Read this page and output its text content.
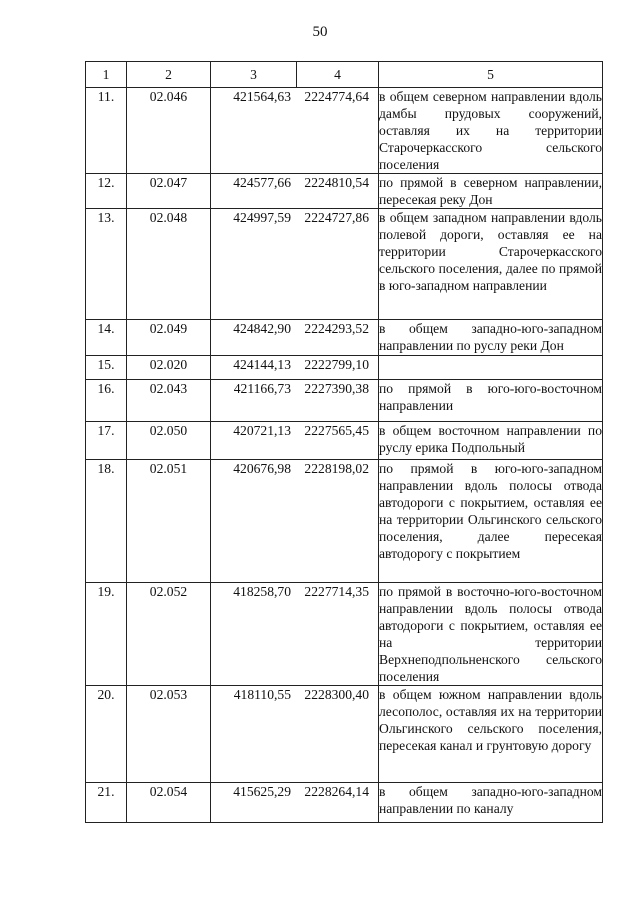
50
1	2	3	4	5
11.	02.046	421564,63 2224774,64		в общем северном направлении вдоль дамбы прудовых сооружений, оставляя их на территории Старочеркасского сельского поселения

12.	02.047	424577,66 2224810,54		по прямой в северном направлении, пересекая реку Дон

13.	02.048	424997,59 2224727,86		в общем западном направлении вдоль полевой дороги, оставляя ее на территории Старочеркасского сельского поселения, далее по прямой в юго-западном направлении

14.	02.049	424842,90 2224293,52		в общем западно-юго-западном направлении по руслу реки Дон

15.	02.020	424144,13 2222799,10		

16.	02.043	421166,73 2227390,38		по прямой в юго-юго-восточном направлении

17.	02.050	420721,13 2227565,45		в общем восточном направлении по руслу ерика Подпольный

18.	02.051	420676,98 2228198,02		по прямой в юго-юго-западном направлении вдоль полосы отвода автодороги с покрытием, оставляя ее на территории Ольгинского сельского поселения, далее пересекая автодорогу с покрытием

19.	02.052	418258,70 2227714,35		по прямой в восточно-юго-восточном направлении вдоль полосы отвода автодороги с покрытием, оставляя ее на территории Верхнеподпольненского сельского поселения

20.	02.053	418110,55 2228300,40		в общем южном направлении вдоль лесополос, оставляя их на территории Ольгинского сельского поселения, пересекая канал и грунтовую дорогу

21.	02.054	415625,29 2228264,14		в общем западно-юго-западном направлении по каналу
